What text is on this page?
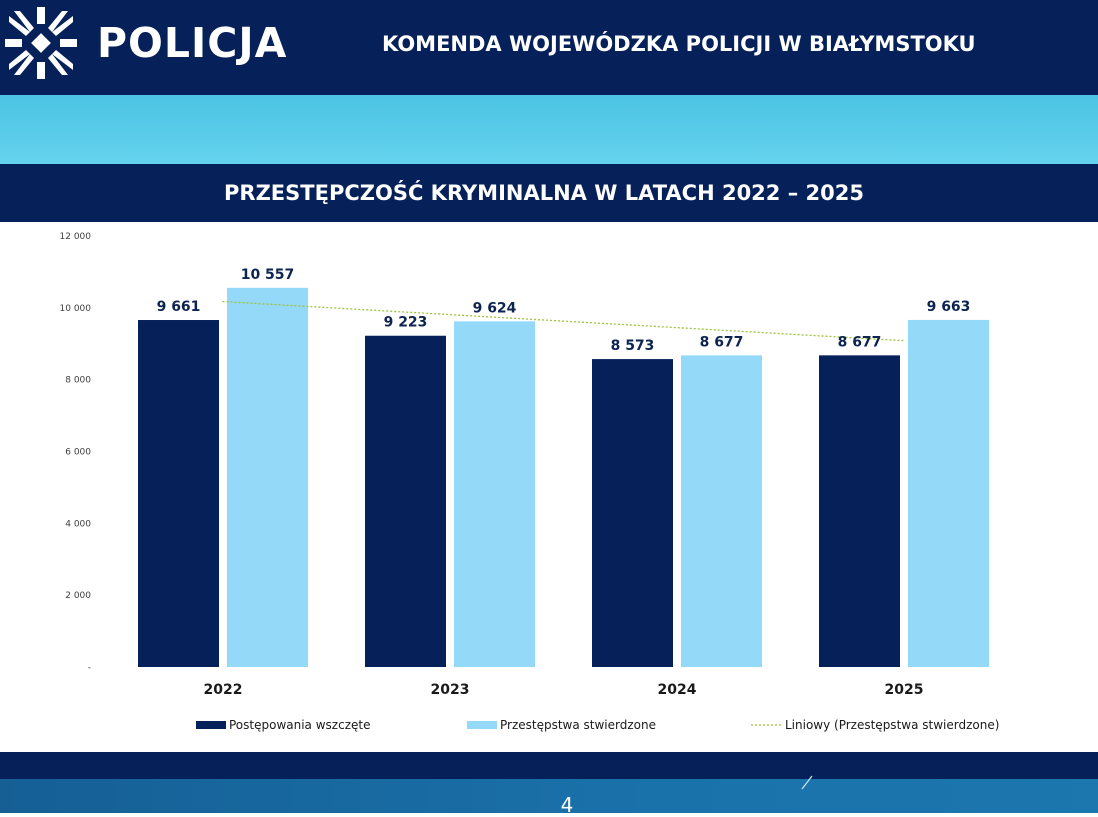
POLICJA	KOMENDA WOJEWÓDZKA POLICJI W BIAŁYMSTOKU
PRZESTĘPCZOŚĆ KRYMINALNA W LATACH 2022 – 2025
-
2 000
4 000
6 000
8 000
10 000
12 000
9 661
10 557
9 223
9 624
8 573	8 677	8 677
9 663
2022	2023	2024	2025
Postępowania wszczęte	Przestępstwa stwierdzone	Liniowy (Przestępstwa stwierdzone)
4
